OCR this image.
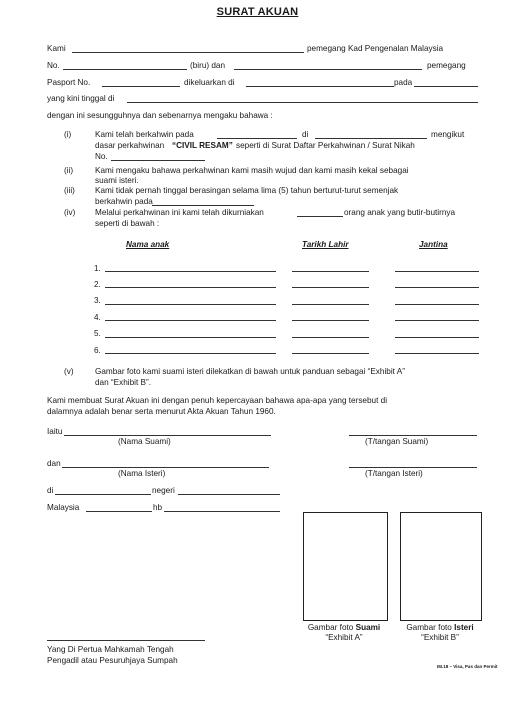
SURAT AKUAN
Kami	pemegang Kad Pengenalan Malaysia
No.	(biru) dan	pemegang
Pasport No.	dikeluarkan di	pada
yang kini tinggal di
dengan ini sesungguhnya dan sebenarnya mengaku bahawa :
(i)	Kami telah berkahwin pada	di	mengikut
dasar perkahwinan “CIVIL RESAM” seperti di Surat Daftar Perkahwinan / Surat Nikah
No.
(ii)	Kami mengaku bahawa perkahwinan kami masih wujud dan kami masih kekal sebagai
suami isteri.
(iii) Kami tidak pernah tinggal berasingan selama lima (5) tahun berturut-turut semenjak
berkahwin pada
(iv) Melalui perkahwinan ini kami telah dikurniakan	orang anak yang butir-butirnya
seperti di bawah :
Nama anak	Tarikh Lahir	Jantina
1.
2.
3.
4.
5.
6.
(v)	Gambar foto kami suami isteri dilekatkan di bawah untuk panduan sebagai “Exhibit A”
dan “Exhibit B”.
Kami membuat Surat Akuan ini dengan penuh kepercayaan bahawa apa-apa yang tersebut di
dalamnya adalah benar serta menurut Akta Akuan Tahun 1960.
Iaitu
(Nama Suami)	(T/tangan Suami)
dan
(Nama Isteri)	(T/tangan Isteri)
di	negeri
Malaysia	hb
Gambar foto Suami
“Exhibit A”
Gambar foto Isteri
“Exhibit B”
Yang Di Pertua Mahkamah Tengah
Pengadil atau Pesuruhjaya Sumpah
IM.18 – Visa, Pas dan Permit
